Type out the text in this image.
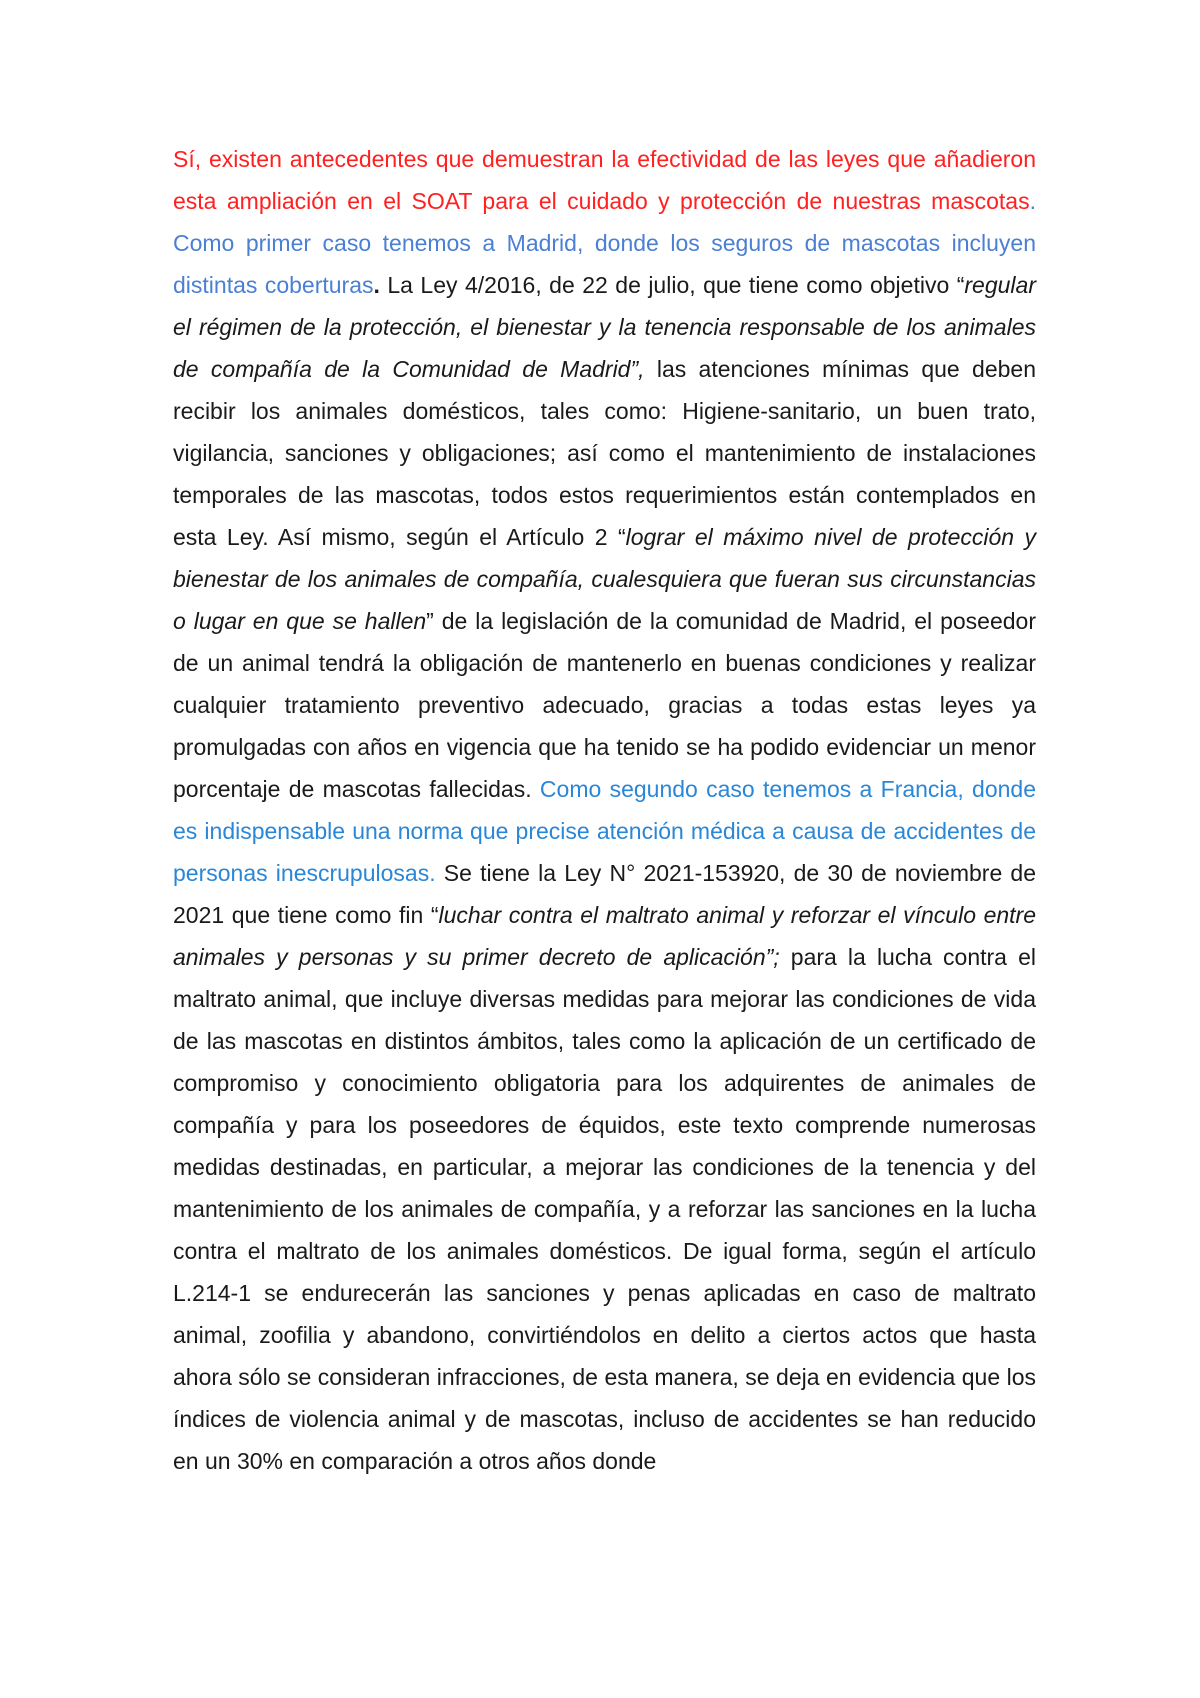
Sí, existen antecedentes que demuestran la efectividad de las leyes que añadieron esta ampliación en el SOAT para el cuidado y protección de nuestras mascotas. Como primer caso tenemos a Madrid, donde los seguros de mascotas incluyen distintas coberturas. La Ley 4/2016, de 22 de julio, que tiene como objetivo “regular el régimen de la protección, el bienestar y la tenencia responsable de los animales de compañía de la Comunidad de Madrid”, las atenciones mínimas que deben recibir los animales domésticos, tales como: Higiene-sanitario, un buen trato, vigilancia, sanciones y obligaciones; así como el mantenimiento de instalaciones temporales de las mascotas, todos estos requerimientos están contemplados en esta Ley. Así mismo, según el Artículo 2 “lograr el máximo nivel de protección y bienestar de los animales de compañía, cualesquiera que fueran sus circunstancias o lugar en que se hallen” de la legislación de la comunidad de Madrid, el poseedor de un animal tendrá la obligación de mantenerlo en buenas condiciones y realizar cualquier tratamiento preventivo adecuado, gracias a todas estas leyes ya promulgadas con años en vigencia que ha tenido se ha podido evidenciar un menor porcentaje de mascotas fallecidas. Como segundo caso tenemos a Francia, donde es indispensable una norma que precise atención médica a causa de accidentes de personas inescrupulosas. Se tiene la Ley N° 2021-153920, de 30 de noviembre de 2021 que tiene como fin “luchar contra el maltrato animal y reforzar el vínculo entre animales y personas y su primer decreto de aplicación”; para la lucha contra el maltrato animal, que incluye diversas medidas para mejorar las condiciones de vida de las mascotas en distintos ámbitos, tales como la aplicación de un certificado de compromiso y conocimiento obligatoria para los adquirentes de animales de compañía y para los poseedores de équidos, este texto comprende numerosas medidas destinadas, en particular, a mejorar las condiciones de la tenencia y del mantenimiento de los animales de compañía, y a reforzar las sanciones en la lucha contra el maltrato de los animales domésticos. De igual forma, según el artículo L.214-1 se endurecerán las sanciones y penas aplicadas en caso de maltrato animal, zoofilia y abandono, convirtiéndolos en delito a ciertos actos que hasta ahora sólo se consideran infracciones, de esta manera, se deja en evidencia que los índices de violencia animal y de mascotas, incluso de accidentes se han reducido en un 30% en comparación a otros años donde
